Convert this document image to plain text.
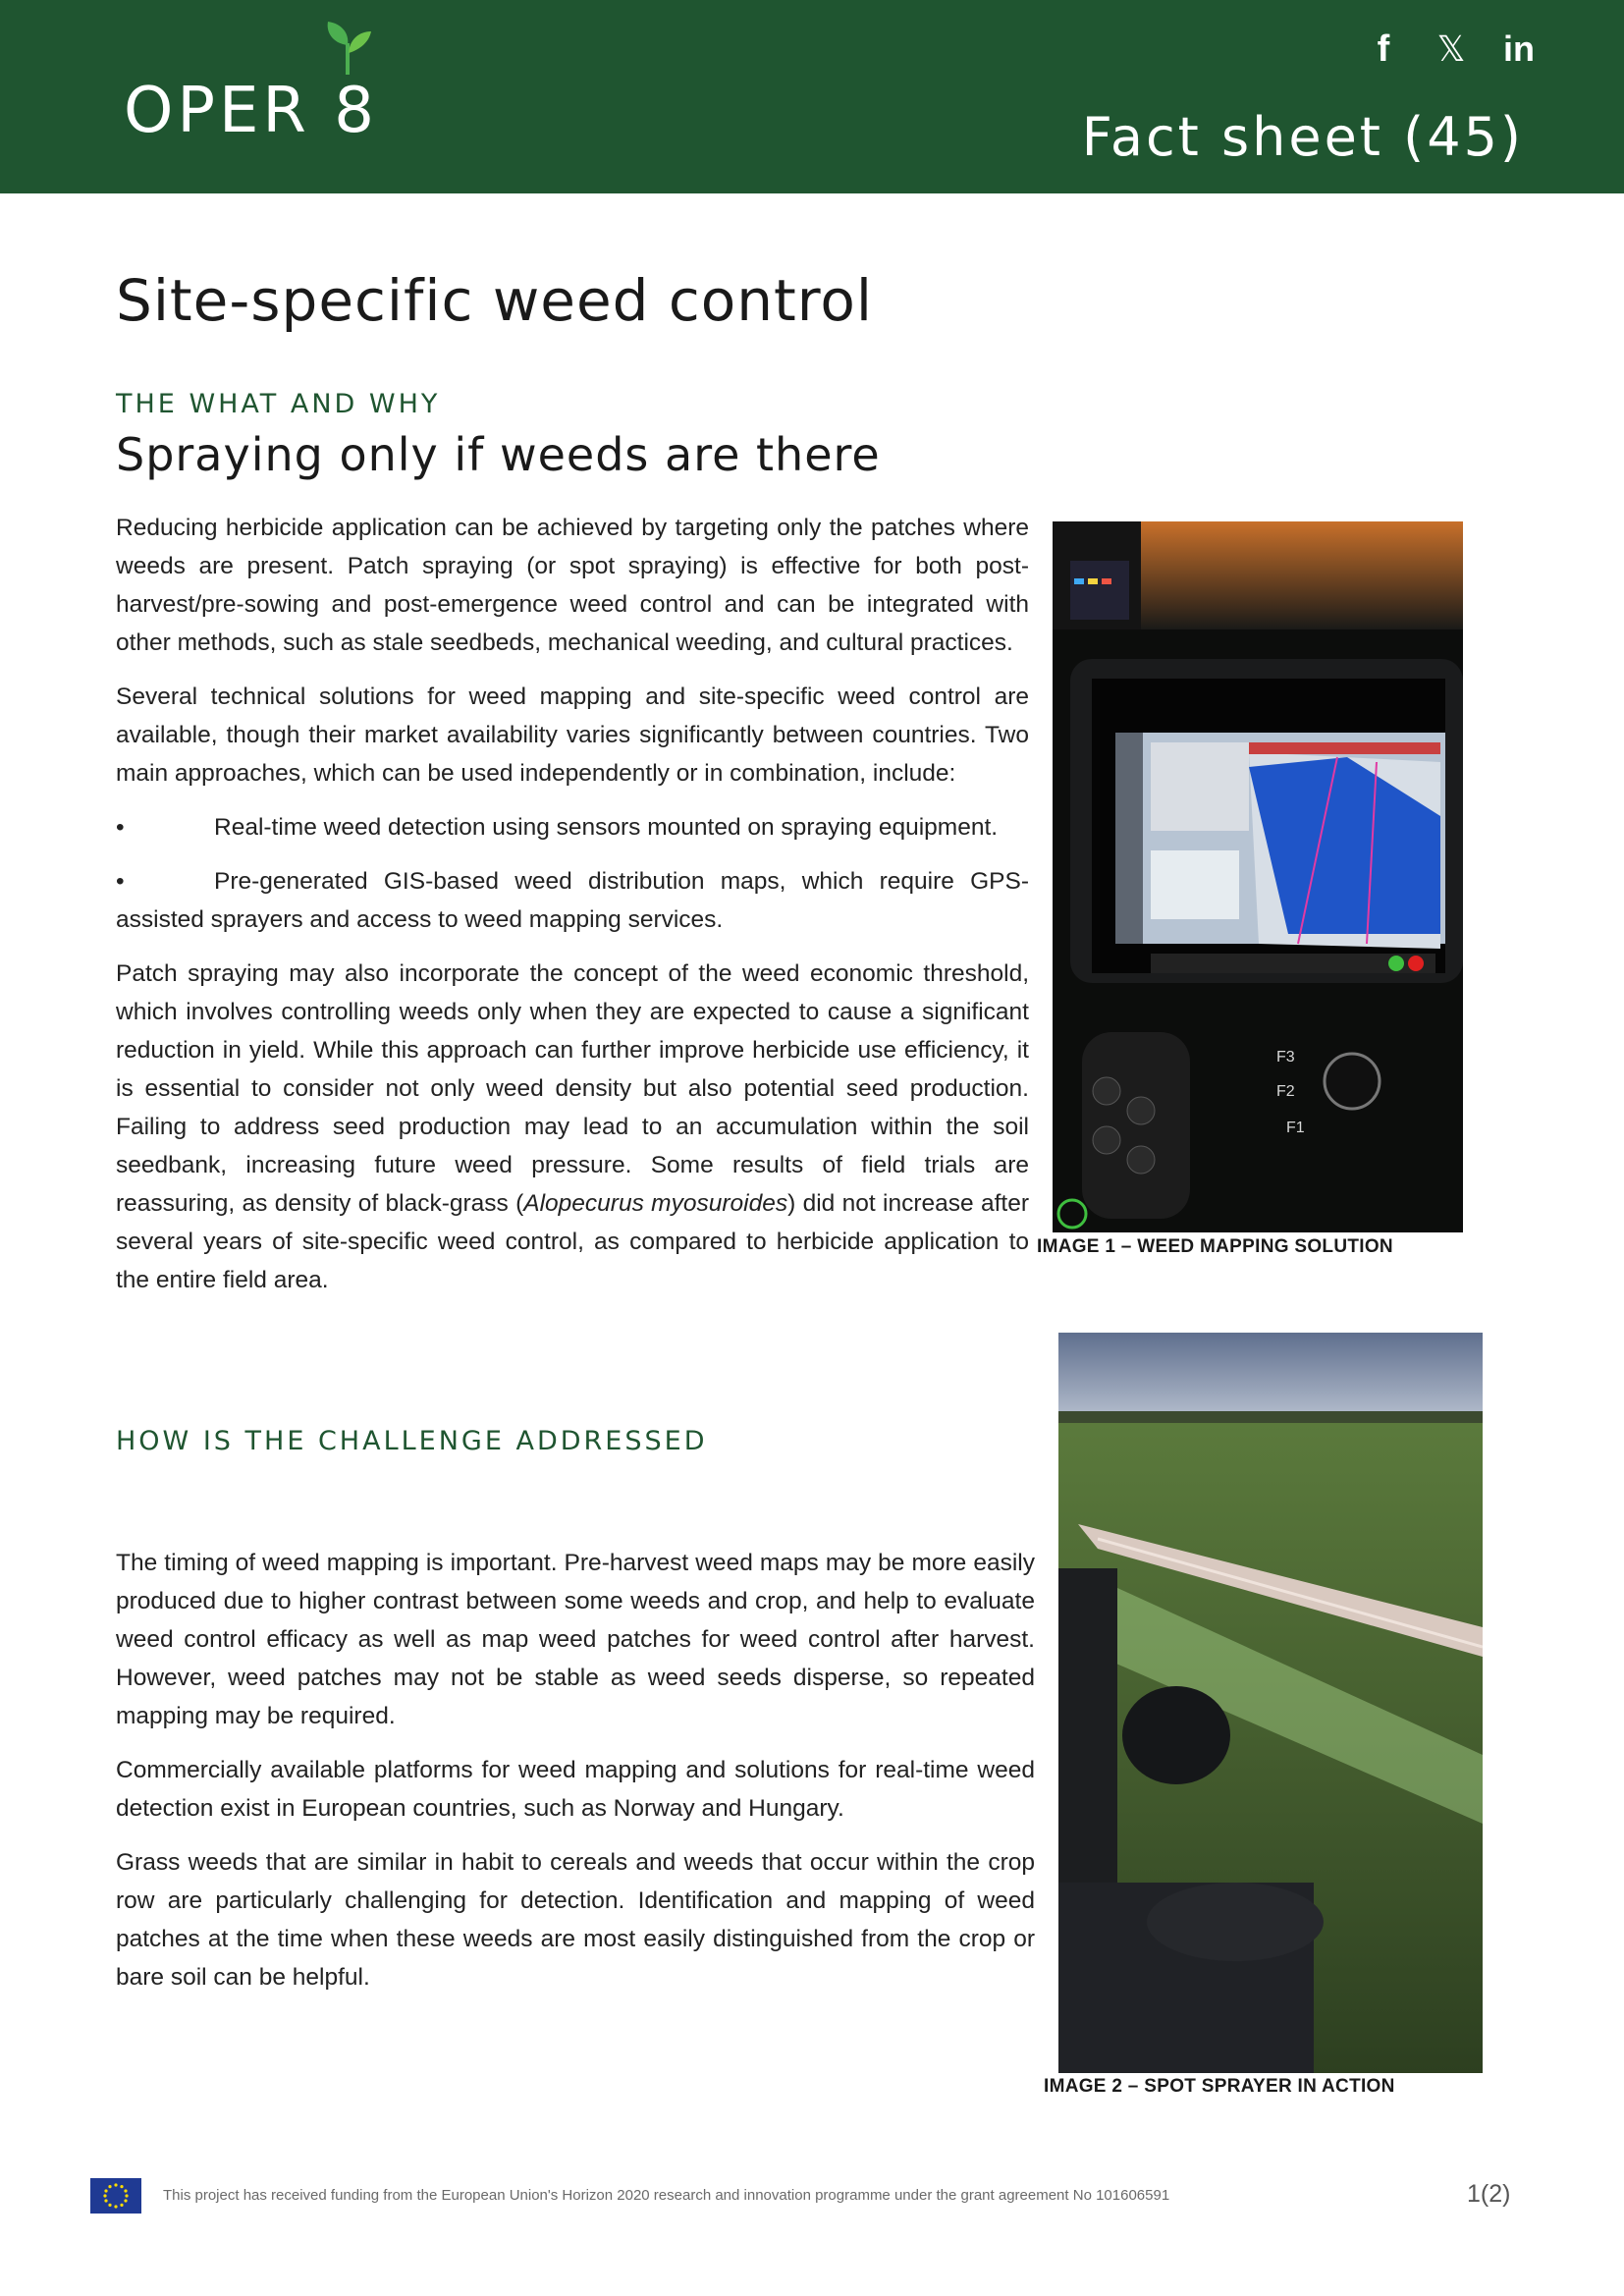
OPER 8
f 𝕏 in
Fact sheet (45)
Site-specific weed control
THE WHAT AND WHY
Spraying only if weeds are there

Reducing herbicide application can be achieved by targeting only the patches where weeds are present. Patch spraying (or spot spraying) is effective for both post-harvest/pre-sowing and post-emergence weed control and can be integrated with other methods, such as stale seedbeds, mechanical weeding, and cultural practices.

Several technical solutions for weed mapping and site-specific weed control are available, though their market availability varies significantly between countries. Two main approaches, which can be used independently or in combination, include:

•	Real-time weed detection using sensors mounted on spraying equipment.
•	Pre-generated GIS-based weed distribution maps, which require GPS-assisted sprayers and access to weed mapping services.

Patch spraying may also incorporate the concept of the weed economic threshold, which involves controlling weeds only when they are expected to cause a significant reduction in yield. While this approach can further improve herbicide use efficiency, it is essential to consider not only weed density but also potential seed production. Failing to address seed production may lead to an accumulation within the soil seedbank, increasing future weed pressure. Some results of field trials are reassuring, as density of black-grass (Alopecurus myosuroides) did not increase after several years of site-specific weed control, as compared to herbicide application to the entire field area.

HOW IS THE CHALLENGE ADDRESSED

The timing of weed mapping is important. Pre-harvest weed maps may be more easily produced due to higher contrast between some weeds and crop, and help to evaluate weed control efficacy as well as map weed patches for weed control after harvest. However, weed patches may not be stable as weed seeds disperse, so repeated mapping may be required.

Commercially available platforms for weed mapping and solutions for real-time weed detection exist in European countries, such as Norway and Hungary.

Grass weeds that are similar in habit to cereals and weeds that occur within the crop row are particularly challenging for detection. Identification and mapping of weed patches at the time when these weeds are most easily distinguished from the crop or bare soil can be helpful.

F3
F2
F1
IMAGE 1 – WEED MAPPING SOLUTION
IMAGE 2 – SPOT SPRAYER IN ACTION
This project has received funding from the European Union's Horizon 2020 research and innovation programme under the grant agreement No 101606591	1(2)
